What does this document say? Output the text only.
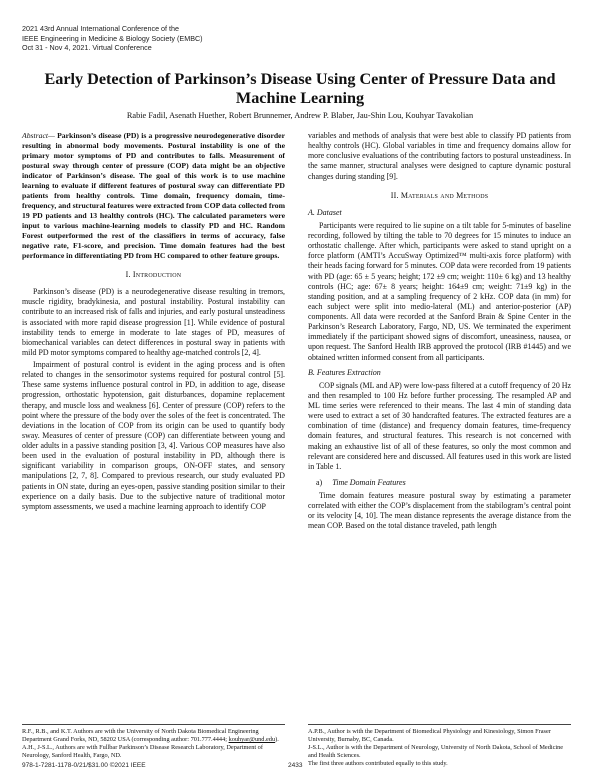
2021 43rd Annual International Conference of the
IEEE Engineering in Medicine & Biology Society (EMBC)
Oct 31 - Nov 4, 2021. Virtual Conference
Early Detection of Parkinson’s Disease Using Center of Pressure Data and Machine Learning
Rabie Fadil, Asenath Huether, Robert Brunnemer, Andrew P. Blaber, Jau-Shin Lou, Kouhyar Tavakolian

Abstract— Parkinson’s disease (PD) is a progressive neurodegenerative disorder resulting in abnormal body movements. Postural instability is one of the primary motor symptoms of PD and contributes to falls. Measurement of postural sway through center of pressure (COP) data might be an objective indicator of Parkinson’s disease. The goal of this work is to use machine learning to evaluate if different features of postural sway can differentiate PD patients from healthy controls. Time domain, frequency domain, time-frequency, and structural features were extracted from COP data collected from 19 PD patients and 13 healthy controls (HC). The calculated parameters were input to various machine-learning models to classify PD and HC. Random Forest outperformed the rest of the classifiers in terms of accuracy, false negative rate, F1-score, and precision. Time domain features had the best performance in differentiating PD from HC compared to other feature groups.

I. Introduction

Parkinson’s disease (PD) is a neurodegenerative disease resulting in tremors, muscle rigidity, bradykinesia, and postural instability. Postural instability can contribute to an increased risk of falls and injuries, and early postural unsteadiness is associated with more rapid disease progression [1]. While evidence of postural instability tends to emerge in moderate to late stages of PD, measures of biomechanical variables can detect differences in postural sway in patients with mild PD motor symptoms compared to healthy age-matched controls [2, 4].

Impairment of postural control is evident in the aging process and is often related to changes in the sensorimotor systems required for postural control [5]. These same systems influence postural control in PD, in addition to age, disease progression, orthostatic hypotension, gait disturbances, dopamine replacement therapy, and muscle loss and weakness [6]. Center of pressure (COP) refers to the point where the pressure of the body over the soles of the feet is concentrated. The deviations in the location of COP from its origin can be used to quantify body sway. Measures of center of pressure (COP) can differentiate between young and older adults in a passive standing position [3, 4]. Various COP measures have also been used in the evaluation of postural instability in PD, although there is significant variability in comparison groups, ON-OFF states, and sensory manipulations [2, 7, 8]. Compared to previous research, our study evaluated PD patients in ON state, during an eyes-open, passive standing position similar to their experience on a daily basis. Due to the subjective nature of traditional motor symptom assessments, we used a machine learning approach to identify COP

variables and methods of analysis that were best able to classify PD patients from healthy controls (HC). Global variables in time and frequency domains allow for more conclusive evaluations of the contributing factors to postural unsteadiness. In the same manner, structural analyses were designed to capture dynamic postural changes during standing [9].

II. Materials and Methods
A. Dataset

Participants were required to lie supine on a tilt table for 5-minutes of baseline recording, followed by tilting the table to 70 degrees for 15 minutes to induce an orthostatic challenge. After which, participants were asked to stand upright on a force platform (AMTI’s AccuSway Optimized™ multi-axis force platform) with their heads facing forward for 5 minutes. COP data were recorded from 19 patients with PD (age: 65 ± 5 years; height; 172 ±9 cm; weight: 110± 6 kg) and 13 healthy controls (HC; age: 67± 8 years; height: 164±9 cm; weight: 71±9 kg) in the standing position, and at a sampling frequency of 2 kHz. COP data (in mm) for each subject were split into medio-lateral (ML) and anterior-posterior (AP) components. All data were recorded at the Sanford Brain & Spine Center in the Parkinson’s Research Laboratory, Fargo, ND, US. We terminated the experiment immediately if the participant showed signs of discomfort, uneasiness, nausea, or upon request. The Sanford Health IRB approved the protocol (IRB #1445) and we obtained written informed consent from all participants.

B. Features Extraction

COP signals (ML and AP) were low-pass filtered at a cutoff frequency of 20 Hz and then resampled to 100 Hz before further processing. The resampled AP and ML time series were referenced to their means. The last 4 min of standing data were used to extract a set of 30 handcrafted features. The extracted features are a combination of time (distance) and frequency domain features, time-frequency domain features, and structural features. This research is not concerned with making an exhaustive list of all of these features, so only the most common and relevant are considered here and discussed. All features used in this work are listed in Table 1.

a) Time Domain Features

Time domain features measure postural sway by estimating a parameter correlated with either the COP’s displacement from the stabilogram’s central point or its velocity [4, 10]. The mean distance represents the average distance from the mean COP. Based on the total distance traveled, path length

R.F., R.B., and K.T. Authors are with the University of North Dakota Biomedical Engineering Department Grand Forks, ND, 58202 USA (corresponding author: 701.777.4444; kouhyar@und.edu).
A.H., J-S.L., Authors are with Fullbar Parkinson’s Disease Research Laboratory, Department of Neurology, Sanford Health, Fargo, ND.
A.P.B., Author is with the Department of Biomedical Physiology and Kinesiology, Simon Fraser University, Burnaby, BC, Canada.
J-S.L., Author is with the Department of Neurology, University of North Dakota, School of Medicine and Health Sciences.
The first three authors contributed equally to this study.
978-1-7281-1178-0/21/$31.00 ©2021 IEEE	2433
